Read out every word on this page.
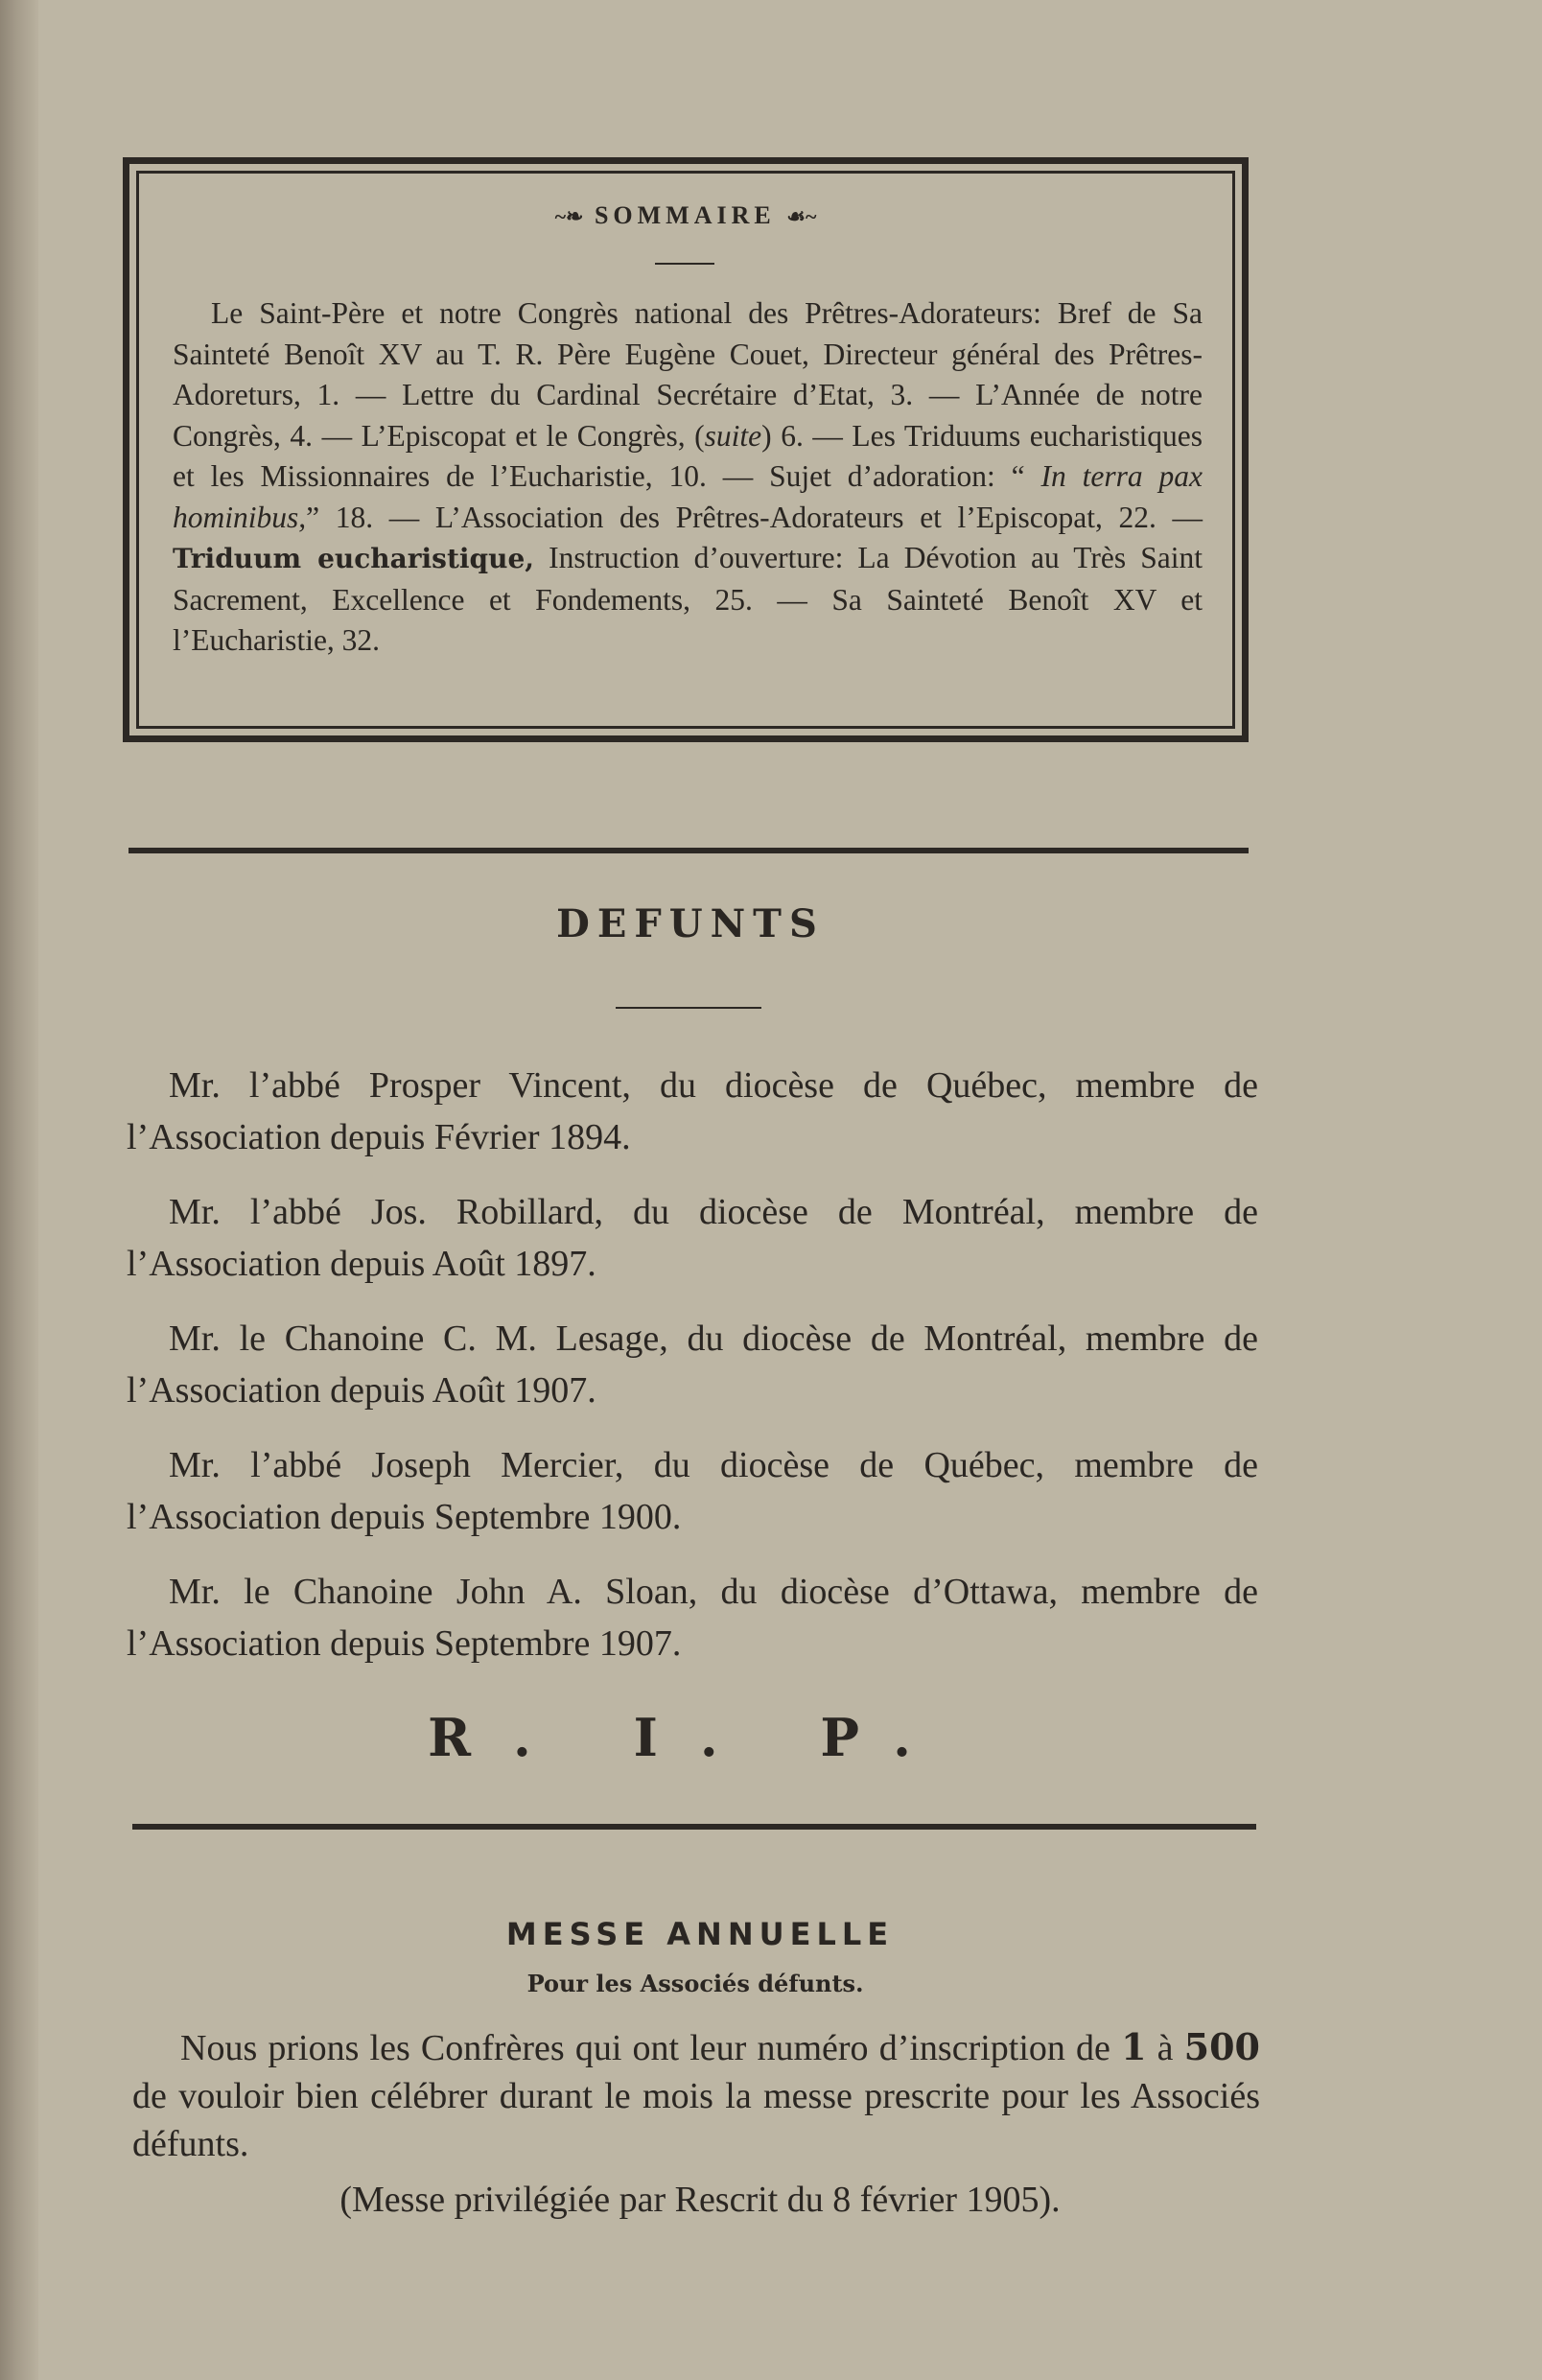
~❧ SOMMAIRE ☙~
Le Saint-Père et notre Congrès national des Prêtres-Adorateurs: Bref de Sa Sainteté Benoît XV au T. R. Père Eugène Couet, Directeur général des Prêtres-Adoreturs, 1. — Lettre du Cardinal Secrétaire d’Etat, 3. — L’Année de notre Congrès, 4. — L’Episcopat et le Congrès, (suite) 6. — Les Triduums eucharistiques et les Missionnaires de l’Eucharistie, 10. — Sujet d’adoration: “ In terra pax hominibus,” 18. — L’Association des Prêtres-Adorateurs et l’Episcopat, 22. — Triduum eucharistique, Instruction d’ouverture: La Dévotion au Très Saint Sacrement, Excellence et Fondements, 25. — Sa Sainteté Benoît XV et l’Eucharistie, 32.
DEFUNTS

Mr. l’abbé Prosper Vincent, du diocèse de Québec, membre de l’Association depuis Février 1894.

Mr. l’abbé Jos. Robillard, du diocèse de Montréal, membre de l’Association depuis Août 1897.

Mr. le Chanoine C. M. Lesage, du diocèse de Montréal, membre de l’Association depuis Août 1907.

Mr. l’abbé Joseph Mercier, du diocèse de Québec, membre de l’Association depuis Septembre 1900.

Mr. le Chanoine John A. Sloan, du diocèse d’Ottawa, membre de l’Association depuis Septembre 1907.

R. I. P.
MESSE ANNUELLE
Pour les Associés défunts.
Nous prions les Confrères qui ont leur numéro d’inscription de 1 à 500 de vouloir bien célébrer durant le mois la messe prescrite pour les Associés défunts.
(Messe privilégiée par Rescrit du 8 février 1905).
